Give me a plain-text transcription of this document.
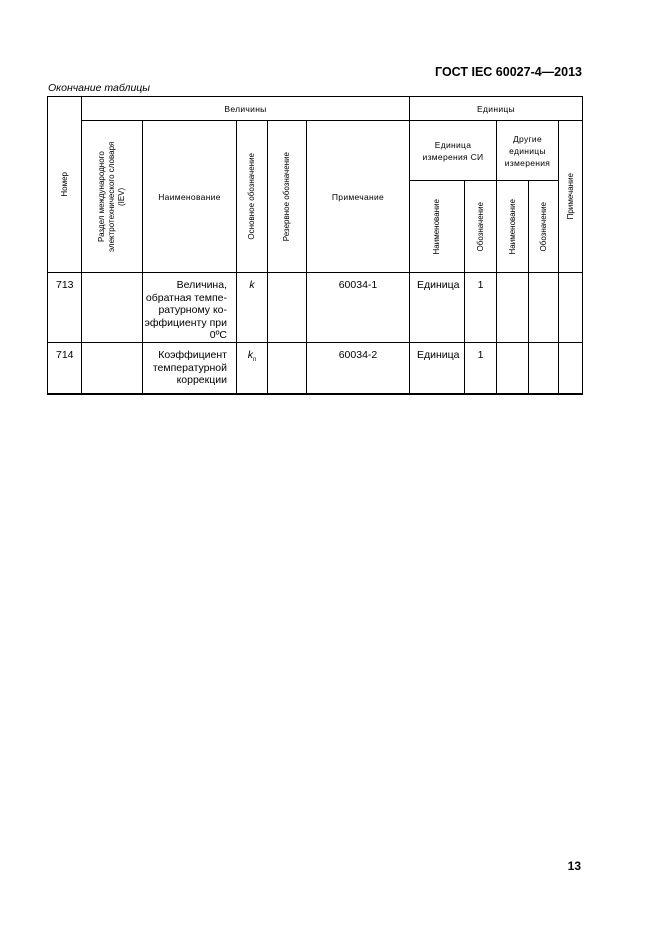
ГОСТ IEC 60027-4—2013
Окончание таблицы
Номер	Величины					Единицы				

	Раздел международного электротехнического словаря (IEV)	Наименование	Основное обозначение	Резервное обозначение	Примечание	Единица измерения СИ		Другие единицы измерения		Примечание

						Наименование	Обозначение	Наименование	Обозначение	

713		Величина, обратная темпе-ратурному ко-эффициенту при 0ºС	k		60034-1	Единица	1			
714		Коэффициент температурной коррекции	$k_n$		60034-2	Единица	1			
13
